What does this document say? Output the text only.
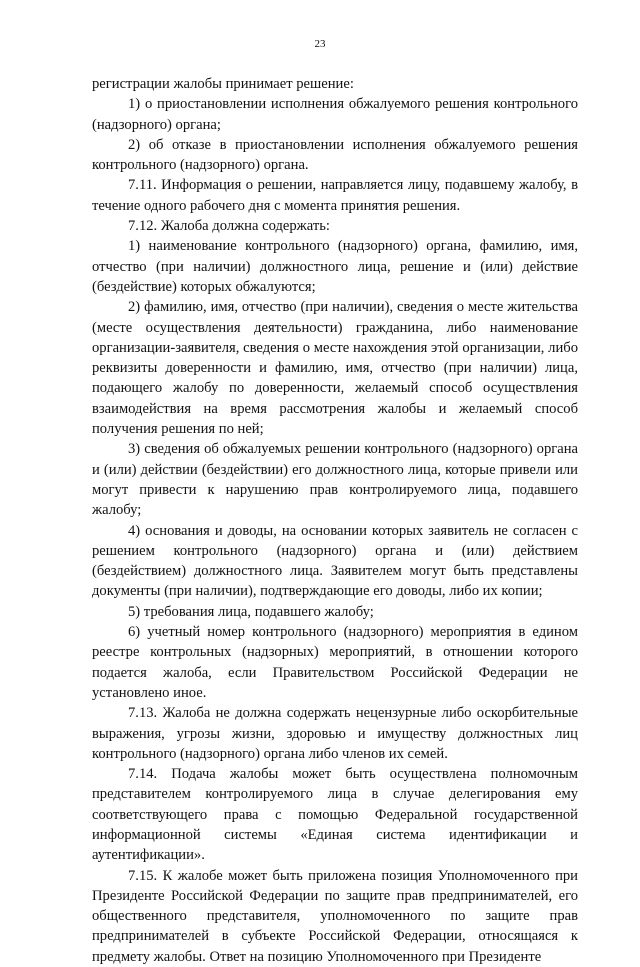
23

регистрации жалобы принимает решение:

1) о приостановлении исполнения обжалуемого решения контрольного (надзорного) органа;

2) об отказе в приостановлении исполнения обжалуемого решения контрольного (надзорного) органа.

7.11. Информация о решении, направляется лицу, подавшему жалобу, в течение одного рабочего дня с момента принятия решения.

7.12. Жалоба должна содержать:

1) наименование контрольного (надзорного) органа, фамилию, имя, отчество (при наличии) должностного лица, решение и (или) действие (бездействие) которых обжалуются;

2) фамилию, имя, отчество (при наличии), сведения о месте жительства (месте осуществления деятельности) гражданина, либо наименование организации-заявителя, сведения о месте нахождения этой организации, либо реквизиты доверенности и фамилию, имя, отчество (при наличии) лица, подающего жалобу по доверенности, желаемый способ осуществления взаимодействия на время рассмотрения жалобы и желаемый способ получения решения по ней;

3) сведения об обжалуемых решении контрольного (надзорного) органа и (или) действии (бездействии) его должностного лица, которые привели или могут привести к нарушению прав контролируемого лица, подавшего жалобу;

4) основания и доводы, на основании которых заявитель не согласен с решением контрольного (надзорного) органа и (или) действием (бездействием) должностного лица. Заявителем могут быть представлены документы (при наличии), подтверждающие его доводы, либо их копии;

5) требования лица, подавшего жалобу;

6) учетный номер контрольного (надзорного) мероприятия в едином реестре контрольных (надзорных) мероприятий, в отношении которого подается жалоба, если Правительством Российской Федерации не установлено иное.

7.13. Жалоба не должна содержать нецензурные либо оскорбительные выражения, угрозы жизни, здоровью и имуществу должностных лиц контрольного (надзорного) органа либо членов их семей.

7.14. Подача жалобы может быть осуществлена полномочным представителем контролируемого лица в случае делегирования ему соответствующего права с помощью Федеральной государственной информационной системы «Единая система идентификации и аутентификации».

7.15. К жалобе может быть приложена позиция Уполномоченного при Президенте Российской Федерации по защите прав предпринимателей, его общественного представителя, уполномоченного по защите прав предпринимателей в субъекте Российской Федерации, относящаяся к предмету жалобы. Ответ на позицию Уполномоченного при Президенте
